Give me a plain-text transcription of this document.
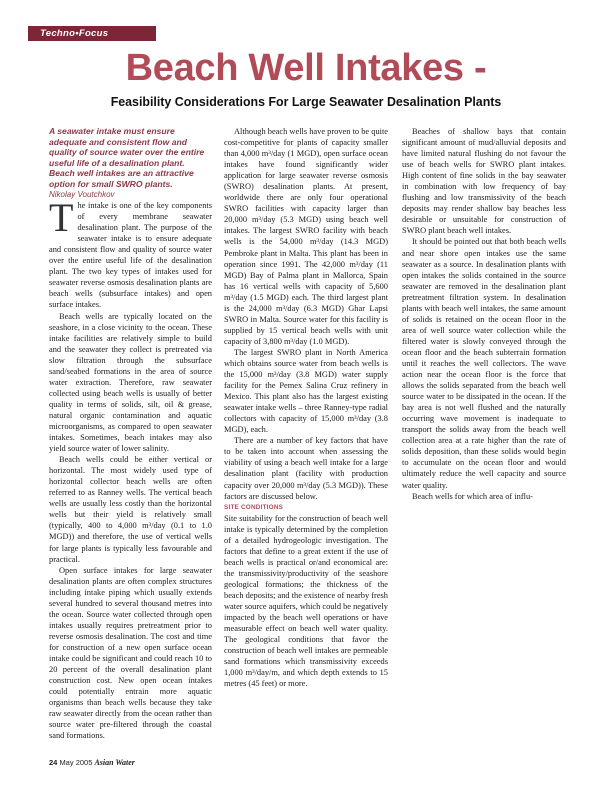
Techno•Focus
Beach Well Intakes -
Feasibility Considerations For Large Seawater Desalination Plants

A seawater intake must ensure adequate and consistent flow and quality of source water over the entire useful life of a desalination plant. Beach well intakes are an attractive option for small SWRO plants.

Nikolay Voutchkov

The intake is one of the key components of every membrane seawater desalination plant. The purpose of the seawater intake is to ensure adequate and consistent flow and quality of source water over the entire useful life of the desalination plant. The two key types of intakes used for seawater reverse osmosis desalination plants are beach wells (subsurface intakes) and open surface intakes.

Beach wells are typically located on the seashore, in a close vicinity to the ocean. These intake facilities are relatively simple to build and the seawater they collect is pretreated via slow filtration through the subsurface sand/seabed formations in the area of source water extraction. Therefore, raw seawater collected using beach wells is usually of better quality in terms of solids, silt, oil & grease, natural organic contamination and aquatic microorganisms, as compared to open seawater intakes. Sometimes, beach intakes may also yield source water of lower salinity.

Beach wells could be either vertical or horizontal. The most widely used type of horizontal collector beach wells are often referred to as Ranney wells. The vertical beach wells are usually less costly than the horizontal wells but their yield is relatively small (typically, 400 to 4,000 m³/day (0.1 to 1.0 MGD)) and therefore, the use of vertical wells for large plants is typically less favourable and practical.

Open surface intakes for large seawater desalination plants are often complex structures including intake piping which usually extends several hundred to several thousand metres into the ocean. Source water collected through open intakes usually requires pretreatment prior to reverse osmosis desalination. The cost and time for construction of a new open surface ocean intake could be significant and could reach 10 to 20 percent of the overall desalination plant construction cost. New open ocean intakes could potentially entrain more aquatic organisms than beach wells because they take raw seawater directly from the ocean rather than source water pre-filtered through the coastal sand formations.

Although beach wells have proven to be quite cost-competitive for plants of capacity smaller than 4,000 m³/day (1 MGD), open surface ocean intakes have found significantly wider application for large seawater reverse osmosis (SWRO) desalination plants. At present, worldwide there are only four operational SWRO facilities with capacity larger than 20,000 m³/day (5.3 MGD) using beach well intakes. The largest SWRO facility with beach wells is the 54,000 m³/day (14.3 MGD) Pembroke plant in Malta. This plant has been in operation since 1991. The 42,000 m³/day (11 MGD) Bay of Palma plant in Mallorca, Spain has 16 vertical wells with capacity of 5,600 m³/day (1.5 MGD) each. The third largest plant is the 24,000 m³/day (6.3 MGD) Ghar Lapsi SWRO in Malta. Source water for this facility is supplied by 15 vertical beach wells with unit capacity of 3,800 m³/day (1.0 MGD).

The largest SWRO plant in North America which obtains source water from beach wells is the 15,000 m³/day (3.8 MGD) water supply facility for the Pemex Salina Cruz refinery in Mexico. This plant also has the largest existing seawater intake wells – three Ranney-type radial collectors with capacity of 15,000 m³/day (3.8 MGD), each.

There are a number of key factors that have to be taken into account when assessing the viability of using a beach well intake for a large desalination plant (facility with production capacity over 20,000 m³/day (5.3 MGD)). These factors are discussed below.

SITE CONDITIONS

Site suitability for the construction of beach well intake is typically determined by the completion of a detailed hydrogeologic investigation. The factors that define to a great extent if the use of beach wells is practical or/and economical are: the transmissivity/productivity of the seashore geological formations; the thickness of the beach deposits; and the existence of nearby fresh water source aquifers, which could be negatively impacted by the beach well operations or have measurable effect on beach well water quality. The geological conditions that favor the construction of beach well intakes are permeable sand formations which transmissivity exceeds 1,000 m³/day/m, and which depth extends to 15 metres (45 feet) or more.

Beaches of shallow bays that contain significant amount of mud/alluvial deposits and have limited natural flushing do not favour the use of beach wells for SWRO plant intakes. High content of fine solids in the bay seawater in combination with low frequency of bay flushing and low transmissivity of the beach deposits may render shallow bay beaches less desirable or unsuitable for construction of SWRO plant beach well intakes.

It should be pointed out that both beach wells and near shore open intakes use the same seawater as a source. In desalination plants with open intakes the solids contained in the source seawater are removed in the desalination plant pretreatment filtration system. In desalination plants with beach well intakes, the same amount of solids is retained on the ocean floor in the area of well source water collection while the filtered water is slowly conveyed through the ocean floor and the beach subterrain formation until it reaches the well collectors. The wave action near the ocean floor is the force that allows the solids separated from the beach well source water to be dissipated in the ocean. If the bay area is not well flushed and the naturally occurring wave movement is inadequate to transport the solids away from the beach well collection area at a rate higher than the rate of solids deposition, than these solids would begin to accumulate on the ocean floor and would ultimately reduce the well capacity and source water quality.

Beach wells for which area of influ-

24 May 2005 Asian Water
